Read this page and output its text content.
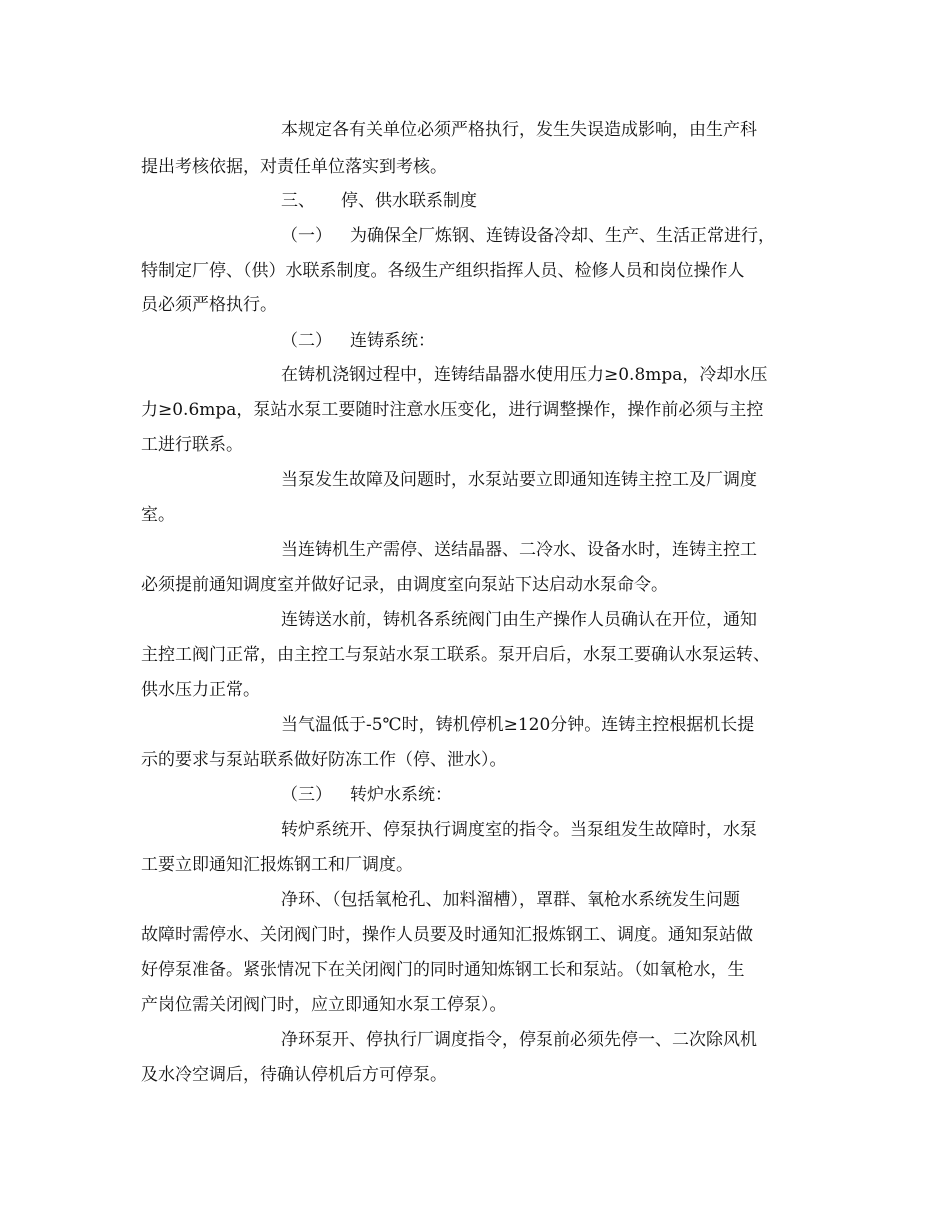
本规定各有关单位必须严格执行，发生失误造成影响，由生产科
提出考核依据，对责任单位落实到考核。
三、 停、供水联系制度
（一） 为确保全厂炼钢、连铸设备冷却、生产、生活正常进行，
特制定厂停、（供）水联系制度。各级生产组织指挥人员、检修人员和岗位操作人
员必须严格执行。
（二） 连铸系统：
在铸机浇钢过程中，连铸结晶器水使用压力≥0.8mpa，冷却水压
力≥0.6mpa，泵站水泵工要随时注意水压变化，进行调整操作，操作前必须与主控
工进行联系。
当泵发生故障及问题时，水泵站要立即通知连铸主控工及厂调度
室。
当连铸机生产需停、送结晶器、二冷水、设备水时，连铸主控工
必须提前通知调度室并做好记录，由调度室向泵站下达启动水泵命令。
连铸送水前，铸机各系统阀门由生产操作人员确认在开位，通知
主控工阀门正常，由主控工与泵站水泵工联系。泵开启后，水泵工要确认水泵运转、
供水压力正常。
当气温低于-5℃时，铸机停机≥120分钟。连铸主控根据机长提
示的要求与泵站联系做好防冻工作（停、泄水）。
（三） 转炉水系统：
转炉系统开、停泵执行调度室的指令。当泵组发生故障时，水泵
工要立即通知汇报炼钢工和厂调度。
净环、（包括氧枪孔、加料溜槽），罩群、氧枪水系统发生问题
故障时需停水、关闭阀门时，操作人员要及时通知汇报炼钢工、调度。通知泵站做
好停泵准备。紧张情况下在关闭阀门的同时通知炼钢工长和泵站。（如氧枪水，生
产岗位需关闭阀门时，应立即通知水泵工停泵）。
净环泵开、停执行厂调度指令，停泵前必须先停一、二次除风机
及水冷空调后，待确认停机后方可停泵。
